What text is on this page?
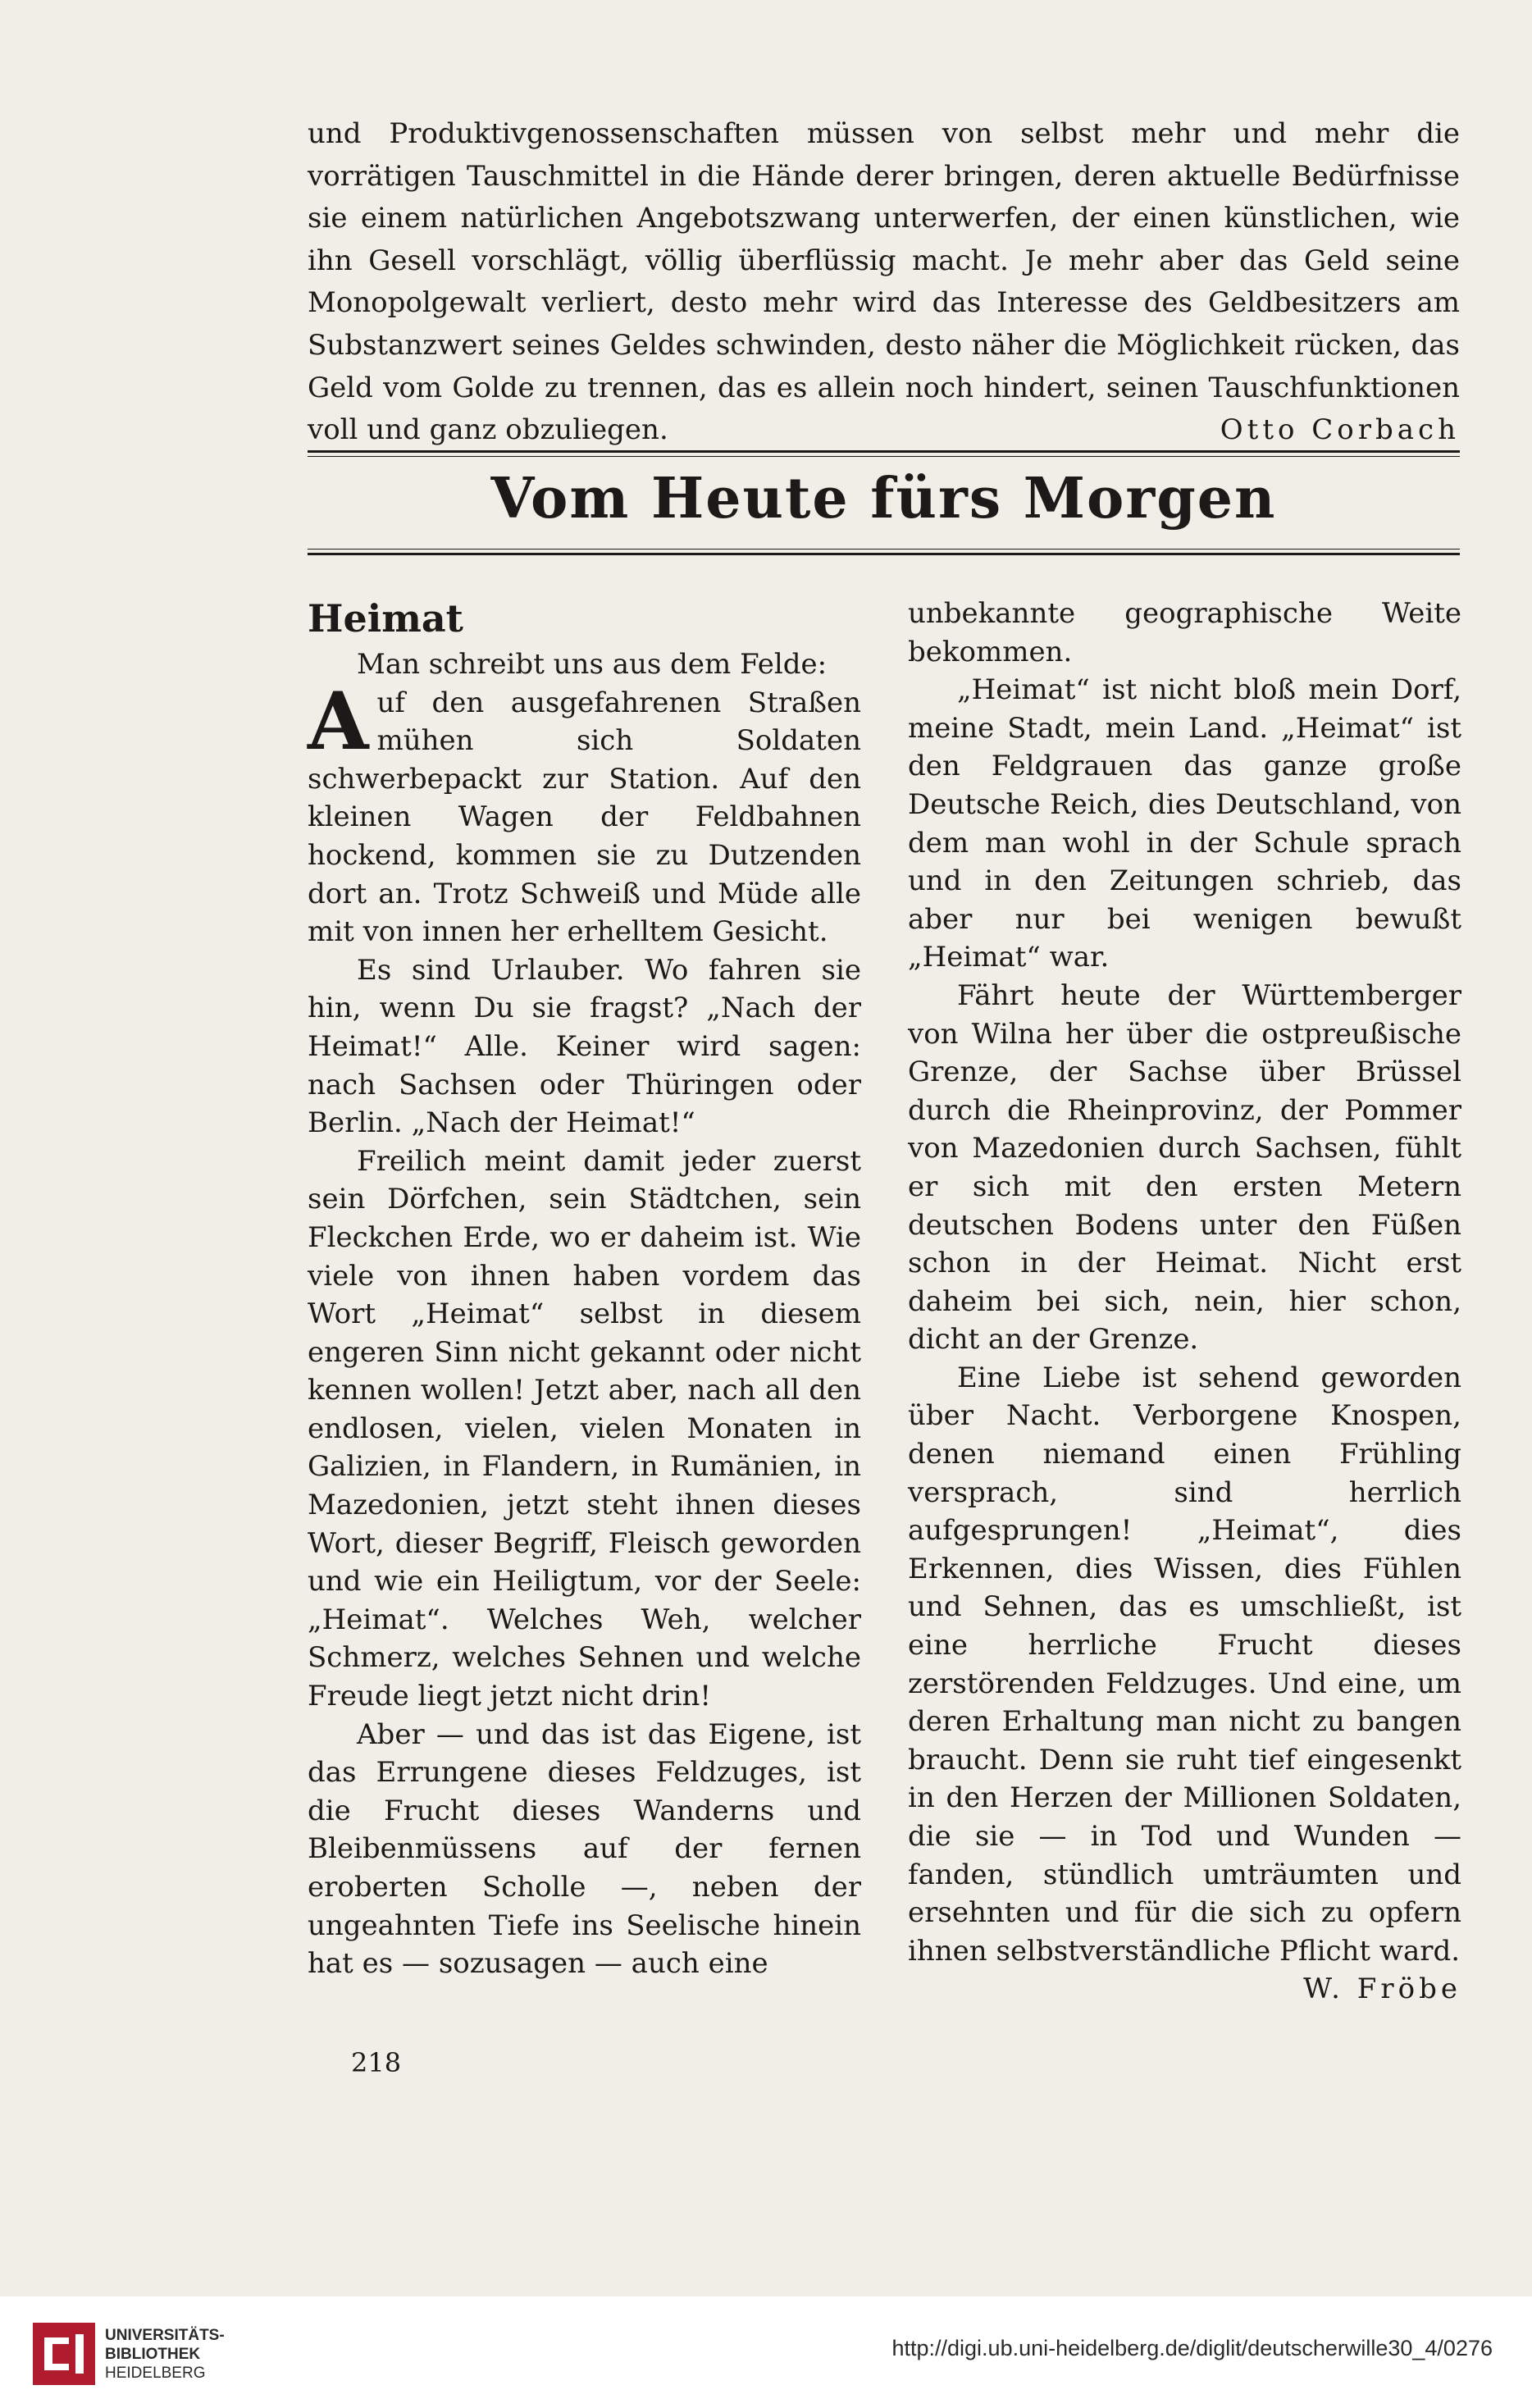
und Produktivgenossenschaften müssen von selbst mehr und mehr die vorrätigen Tauschmittel in die Hände derer bringen, deren aktuelle Bedürfnisse sie einem natürlichen Angebotszwang unterwerfen, der einen künstlichen, wie ihn Gesell vorschlägt, völlig überflüssig macht. Je mehr aber das Geld seine Monopolgewalt verliert, desto mehr wird das Interesse des Geldbesitzers am Substanzwert seines Geldes schwinden, desto näher die Möglichkeit rücken, das Geld vom Golde zu trennen, das es allein noch hindert, seinen Tauschfunktionen voll und ganz obzuliegen.	Otto Corbach

Vom Heute fürs Morgen

Heimat

Man schreibt uns aus dem Felde:

Auf den ausgefahrenen Straßen mühen sich Soldaten schwerbepackt zur Station. Auf den kleinen Wagen der Feldbahnen hockend, kommen sie zu Dutzenden dort an. Trotz Schweiß und Müde alle mit von innen her erhelltem Gesicht.

Es sind Urlauber. Wo fahren sie hin, wenn Du sie fragst? „Nach der Heimat!“ Alle. Keiner wird sagen: nach Sachsen oder Thüringen oder Berlin. „Nach der Heimat!“

Freilich meint damit jeder zuerst sein Dörfchen, sein Städtchen, sein Fleckchen Erde, wo er daheim ist. Wie viele von ihnen haben vordem das Wort „Heimat“ selbst in diesem engeren Sinn nicht gekannt oder nicht kennen wollen! Jetzt aber, nach all den endlosen, vielen, vielen Monaten in Galizien, in Flandern, in Rumänien, in Mazedonien, jetzt steht ihnen dieses Wort, dieser Begriff, Fleisch geworden und wie ein Heiligtum, vor der Seele: „Heimat“. Welches Weh, welcher Schmerz, welches Sehnen und welche Freude liegt jetzt nicht drin!

Aber — und das ist das Eigene, ist das Errungene dieses Feldzuges, ist die Frucht dieses Wanderns und Bleibenmüssens auf der fernen eroberten Scholle —, neben der ungeahnten Tiefe ins Seelische hinein hat es — sozusagen — auch eine

unbekannte geographische Weite bekommen.

„Heimat“ ist nicht bloß mein Dorf, meine Stadt, mein Land. „Heimat“ ist den Feldgrauen das ganze große Deutsche Reich, dies Deutschland, von dem man wohl in der Schule sprach und in den Zeitungen schrieb, das aber nur bei wenigen bewußt „Heimat“ war.

Fährt heute der Württemberger von Wilna her über die ostpreußische Grenze, der Sachse über Brüssel durch die Rheinprovinz, der Pommer von Mazedonien durch Sachsen, fühlt er sich mit den ersten Metern deutschen Bodens unter den Füßen schon in der Heimat. Nicht erst daheim bei sich, nein, hier schon, dicht an der Grenze.

Eine Liebe ist sehend geworden über Nacht. Verborgene Knospen, denen niemand einen Frühling versprach, sind herrlich aufgesprungen! „Heimat“, dies Erkennen, dies Wissen, dies Fühlen und Sehnen, das es umschließt, ist eine herrliche Frucht dieses zerstörenden Feldzuges. Und eine, um deren Erhaltung man nicht zu bangen braucht. Denn sie ruht tief eingesenkt in den Herzen der Millionen Soldaten, die sie — in Tod und Wunden — fanden, stündlich umträumten und ersehnten und für die sich zu opfern ihnen selbstverständliche Pflicht ward.

W. Fröbe

218
UNIVERSITÄTS-
BIBLIOTHEK
HEIDELBERG
http://digi.ub.uni-heidelberg.de/diglit/deutscherwille30_4/0276
